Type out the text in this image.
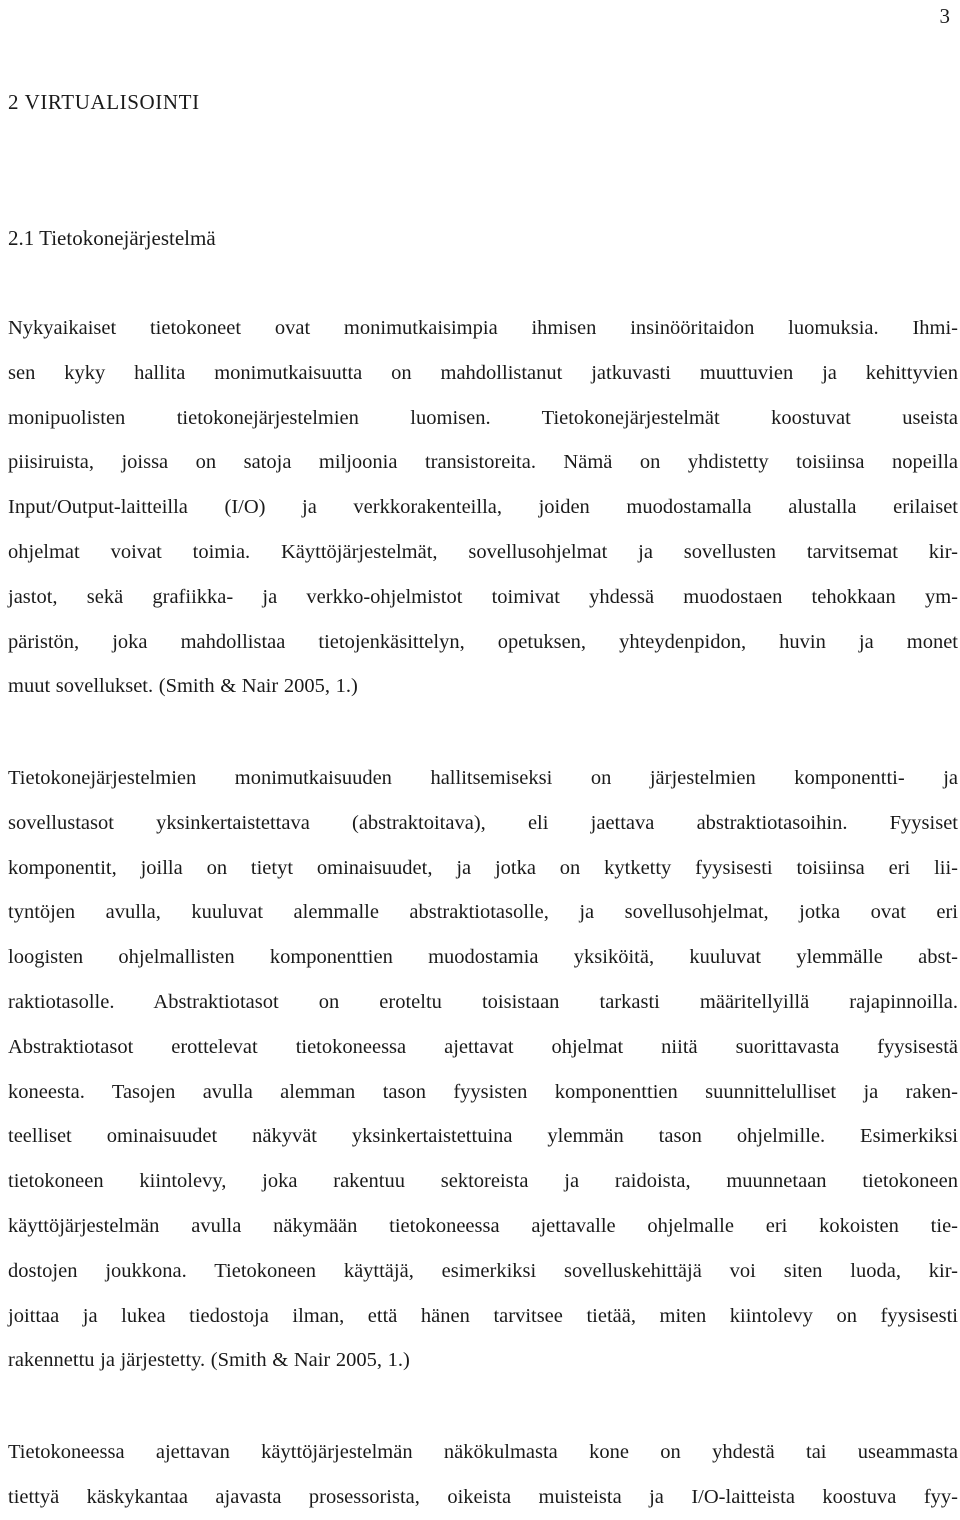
3
2 VIRTUALISOINTI
2.1 Tietokonejärjestelmä

Nykyaikaiset tietokoneet ovat monimutkaisimpia ihmisen insinööritaidon luomuksia. Ihmi-
sen kyky hallita monimutkaisuutta on mahdollistanut jatkuvasti muuttuvien ja kehittyvien
monipuolisten tietokonejärjestelmien luomisen. Tietokonejärjestelmät koostuvat useista
piisiruista, joissa on satoja miljoonia transistoreita. Nämä on yhdistetty toisiinsa nopeilla
Input/Output-laitteilla (I/O) ja verkkorakenteilla, joiden muodostamalla alustalla erilaiset
ohjelmat voivat toimia. Käyttöjärjestelmät, sovellusohjelmat ja sovellusten tarvitsemat kir-
jastot, sekä grafiikka- ja verkko-ohjelmistot toimivat yhdessä muodostaen tehokkaan ym-
päristön, joka mahdollistaa tietojenkäsittelyn, opetuksen, yhteydenpidon, huvin ja monet
muut sovellukset. (Smith & Nair 2005, 1.)

Tietokonejärjestelmien monimutkaisuuden hallitsemiseksi on järjestelmien komponentti- ja
sovellustasot yksinkertaistettava (abstraktoitava), eli jaettava abstraktiotasoihin. Fyysiset
komponentit, joilla on tietyt ominaisuudet, ja jotka on kytketty fyysisesti toisiinsa eri lii-
tyntöjen avulla, kuuluvat alemmalle abstraktiotasolle, ja sovellusohjelmat, jotka ovat eri
loogisten ohjelmallisten komponenttien muodostamia yksiköitä, kuuluvat ylemmälle abst-
raktiotasolle. Abstraktiotasot on eroteltu toisistaan tarkasti määritellyillä rajapinnoilla.
Abstraktiotasot erottelevat tietokoneessa ajettavat ohjelmat niitä suorittavasta fyysisestä
koneesta. Tasojen avulla alemman tason fyysisten komponenttien suunnittelulliset ja raken-
teelliset ominaisuudet näkyvät yksinkertaistettuina ylemmän tason ohjelmille. Esimerkiksi
tietokoneen kiintolevy, joka rakentuu sektoreista ja raidoista, muunnetaan tietokoneen
käyttöjärjestelmän avulla näkymään tietokoneessa ajettavalle ohjelmalle eri kokoisten tie-
dostojen joukkona. Tietokoneen käyttäjä, esimerkiksi sovelluskehittäjä voi siten luoda, kir-
joittaa ja lukea tiedostoja ilman, että hänen tarvitsee tietää, miten kiintolevy on fyysisesti
rakennettu ja järjestetty. (Smith & Nair 2005, 1.)

Tietokoneessa ajettavan käyttöjärjestelmän näkökulmasta kone on yhdestä tai useammasta
tiettyä käskykantaa ajavasta prosessorista, oikeista muisteista ja I/O-laitteista koostuva fyy-
